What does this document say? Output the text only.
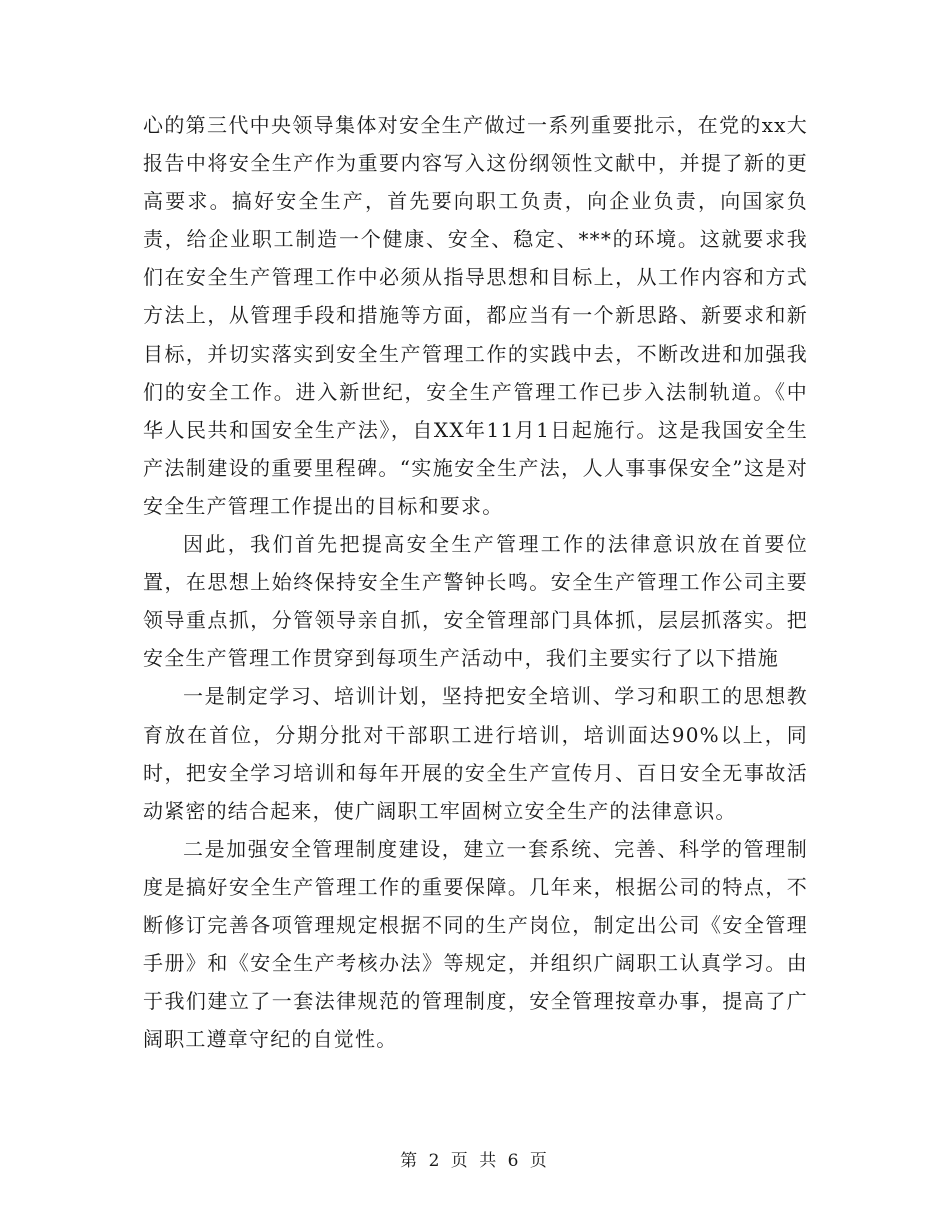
心的第三代中央领导集体对安全生产做过一系列重要批示，在党的xx大报告中将安全生产作为重要内容写入这份纲领性文献中，并提了新的更高要求。搞好安全生产，首先要向职工负责，向企业负责，向国家负责，给企业职工制造一个健康、安全、稳定、***的环境。这就要求我们在安全生产管理工作中必须从指导思想和目标上，从工作内容和方式方法上，从管理手段和措施等方面，都应当有一个新思路、新要求和新目标，并切实落实到安全生产管理工作的实践中去，不断改进和加强我们的安全工作。进入新世纪，安全生产管理工作已步入法制轨道。《中华人民共和国安全生产法》，自XX年11月1日起施行。这是我国安全生产法制建设的重要里程碑。“实施安全生产法，人人事事保安全”这是对安全生产管理工作提出的目标和要求。

因此，我们首先把提高安全生产管理工作的法律意识放在首要位置，在思想上始终保持安全生产警钟长鸣。安全生产管理工作公司主要领导重点抓，分管领导亲自抓，安全管理部门具体抓，层层抓落实。把安全生产管理工作贯穿到每项生产活动中，我们主要实行了以下措施

一是制定学习、培训计划，坚持把安全培训、学习和职工的思想教育放在首位，分期分批对干部职工进行培训，培训面达90%以上，同时，把安全学习培训和每年开展的安全生产宣传月、百日安全无事故活动紧密的结合起来，使广阔职工牢固树立安全生产的法律意识。

二是加强安全管理制度建设，建立一套系统、完善、科学的管理制度是搞好安全生产管理工作的重要保障。几年来，根据公司的特点，不断修订完善各项管理规定根据不同的生产岗位，制定出公司《安全管理手册》和《安全生产考核办法》等规定，并组织广阔职工认真学习。由于我们建立了一套法律规范的管理制度，安全管理按章办事，提高了广阔职工遵章守纪的自觉性。

第 2 页 共 6 页
